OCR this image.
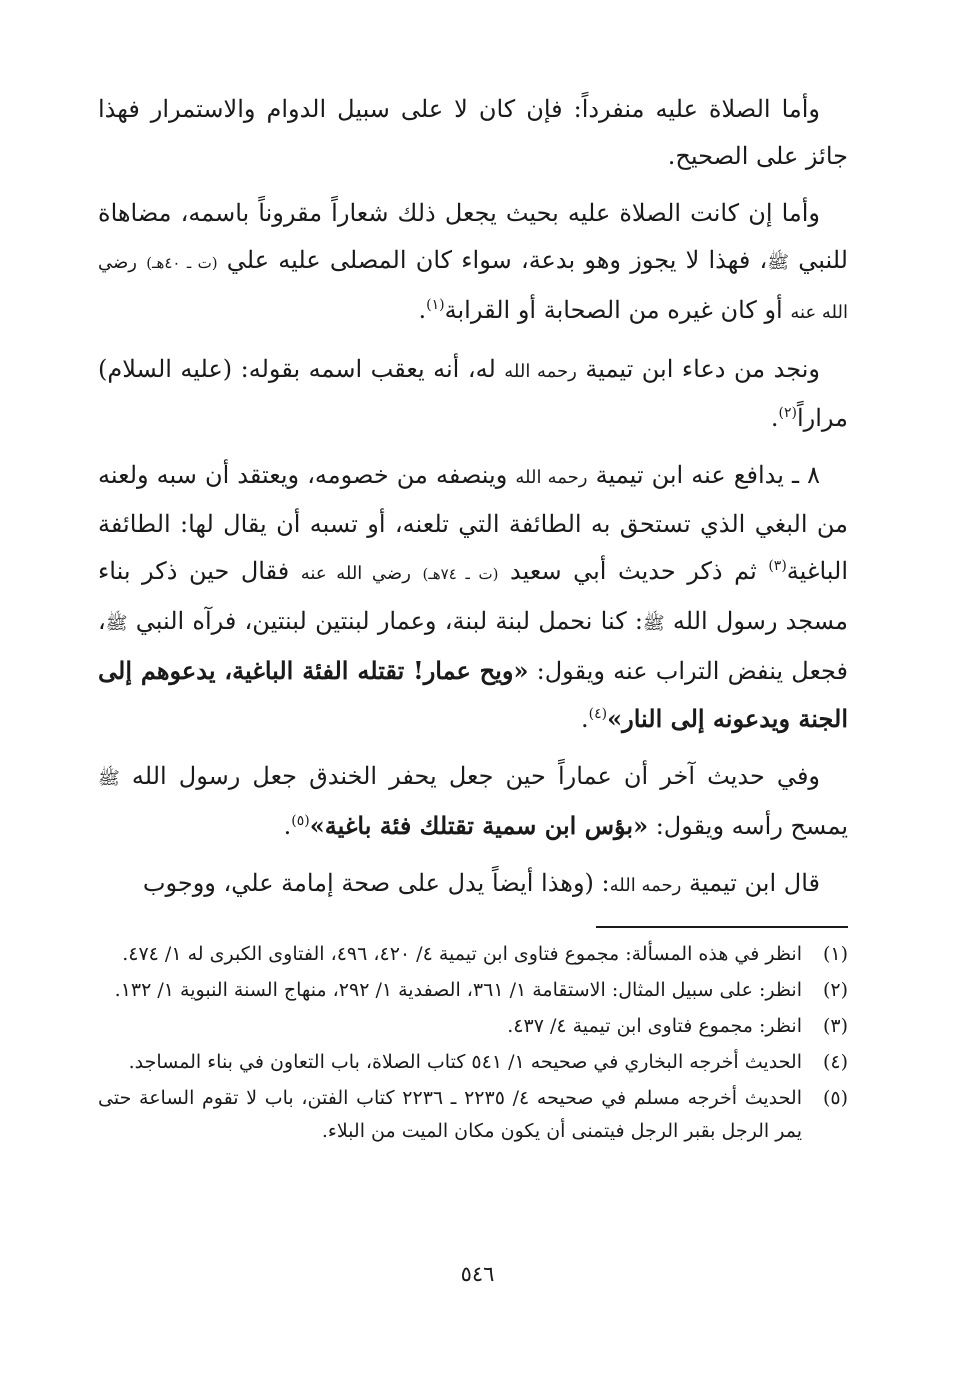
وأما الصلاة عليه منفرداً: فإن كان لا على سبيل الدوام والاستمرار فهذا جائز على الصحيح.

وأما إن كانت الصلاة عليه بحيث يجعل ذلك شعاراً مقروناً باسمه، مضاهاة للنبي ﷺ، فهذا لا يجوز وهو بدعة، سواء كان المصلى عليه علي (ت ـ ٤٠هـ) رضي الله عنه أو كان غيره من الصحابة أو القرابة$^{(١)}$.

ونجد من دعاء ابن تيمية رحمه الله له، أنه يعقب اسمه بقوله: (عليه السلام) مراراً$^{(٢)}$.

٨ ـ يدافع عنه ابن تيمية رحمه الله وينصفه من خصومه، ويعتقد أن سبه ولعنه من البغي الذي تستحق به الطائفة التي تلعنه، أو تسبه أن يقال لها: الطائفة الباغية$^{(٣)}$ ثم ذكر حديث أبي سعيد (ت ـ ٧٤هـ) رضي الله عنه فقال حين ذكر بناء مسجد رسول الله ﷺ: كنا نحمل لبنة لبنة، وعمار لبنتين لبنتين، فرآه النبي ﷺ، فجعل ينفض التراب عنه ويقول: «ويح عمار! تقتله الفئة الباغية، يدعوهم إلى الجنة ويدعونه إلى النار»$^{(٤)}$.

وفي حديث آخر أن عماراً حين جعل يحفر الخندق جعل رسول الله ﷺ يمسح رأسه ويقول: «بؤس ابن سمية تقتلك فئة باغية»$^{(٥)}$.

قال ابن تيمية رحمه الله: (وهذا أيضاً يدل على صحة إمامة علي، ووجوب

(١)
انظر في هذه المسألة: مجموع فتاوى ابن تيمية ٤/ ٤٢٠، ٤٩٦، الفتاوى الكبرى له ١/ ٤٧٤.
(٢)
انظر: على سبيل المثال: الاستقامة ١/ ٣٦١، الصفدية ١/ ٢٩٢، منهاج السنة النبوية ١/ ١٣٢.
(٣)
انظر: مجموع فتاوى ابن تيمية ٤/ ٤٣٧.
(٤)
الحديث أخرجه البخاري في صحيحه ١/ ٥٤١ كتاب الصلاة، باب التعاون في بناء المساجد.
(٥)
الحديث أخرجه مسلم في صحيحه ٤/ ٢٢٣٥ ـ ٢٢٣٦ كتاب الفتن، باب لا تقوم الساعة حتى يمر الرجل بقبر الرجل فيتمنى أن يكون مكان الميت من البلاء.
٥٤٦
